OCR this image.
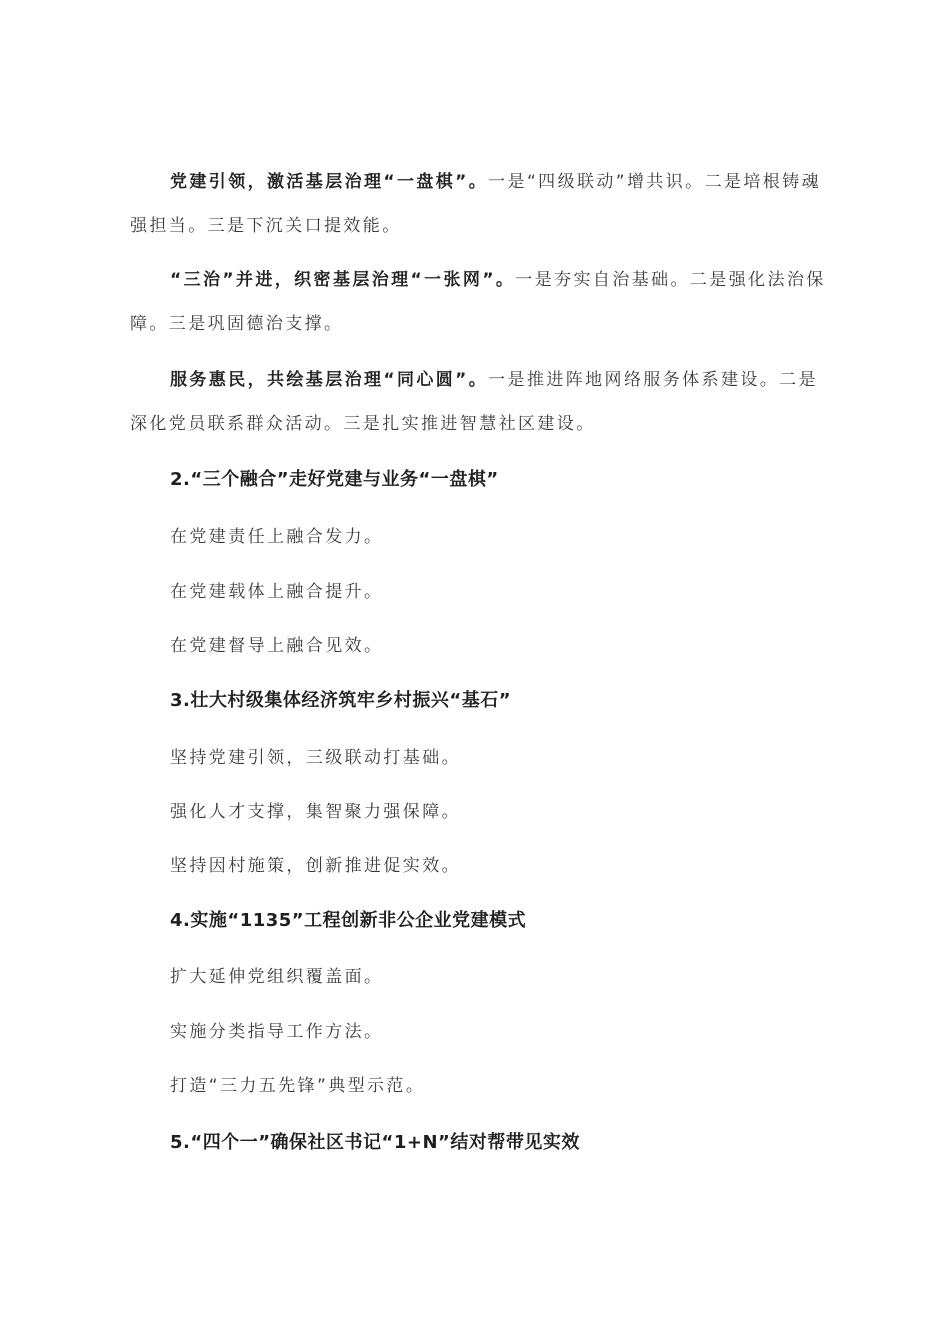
党建引领，激活基层治理“一盘棋”。一是“四级联动”增共识。二是培根铸魂强担当。三是下沉关口提效能。

“三治”并进，织密基层治理“一张网”。一是夯实自治基础。二是强化法治保障。三是巩固德治支撑。

服务惠民，共绘基层治理“同心圆”。一是推进阵地网络服务体系建设。二是深化党员联系群众活动。三是扎实推进智慧社区建设。

2.“三个融合”走好党建与业务“一盘棋”

在党建责任上融合发力。

在党建载体上融合提升。

在党建督导上融合见效。

3.壮大村级集体经济筑牢乡村振兴“基石”

坚持党建引领，三级联动打基础。

强化人才支撑，集智聚力强保障。

坚持因村施策，创新推进促实效。

4.实施“1135”工程创新非公企业党建模式

扩大延伸党组织覆盖面。

实施分类指导工作方法。

打造“三力五先锋”典型示范。

5.“四个一”确保社区书记“1+N”结对帮带见实效
